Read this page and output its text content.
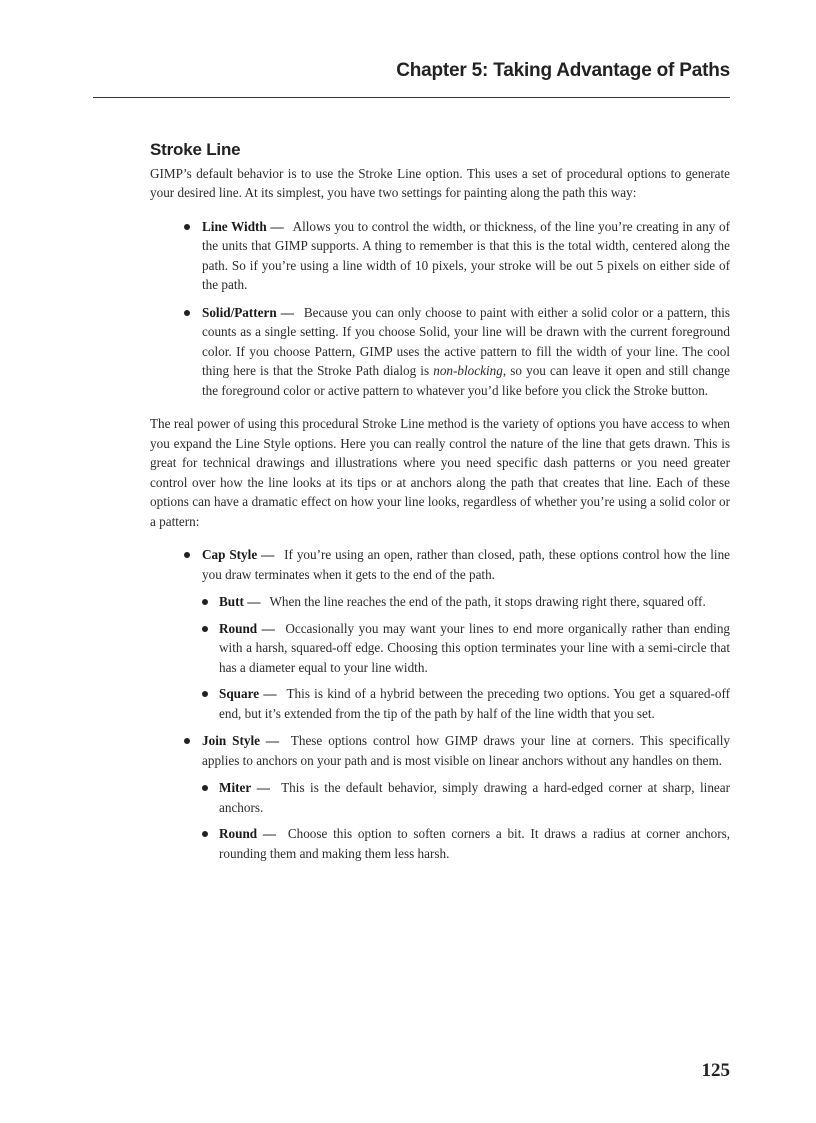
Chapter 5: Taking Advantage of Paths
Stroke Line

GIMP’s default behavior is to use the Stroke Line option. This uses a set of procedural options to generate your desired line. At its simplest, you have two settings for painting along the path this way:

Line Width — Allows you to control the width, or thickness, of the line you’re creating in any of the units that GIMP supports. A thing to remember is that this is the total width, centered along the path. So if you’re using a line width of 10 pixels, your stroke will be out 5 pixels on either side of the path.
Solid/Pattern — Because you can only choose to paint with either a solid color or a pattern, this counts as a single setting. If you choose Solid, your line will be drawn with the current foreground color. If you choose Pattern, GIMP uses the active pattern to fill the width of your line. The cool thing here is that the Stroke Path dialog is non-blocking, so you can leave it open and still change the foreground color or active pattern to whatever you’d like before you click the Stroke button.

The real power of using this procedural Stroke Line method is the variety of options you have access to when you expand the Line Style options. Here you can really control the nature of the line that gets drawn. This is great for technical drawings and illustrations where you need specific dash patterns or you need greater control over how the line looks at its tips or at anchors along the path that creates that line. Each of these options can have a dramatic effect on how your line looks, regardless of whether you’re using a solid color or a pattern:

Cap Style — If you’re using an open, rather than closed, path, these options control how the line you draw terminates when it gets to the end of the path.
Butt — When the line reaches the end of the path, it stops drawing right there, squared off.
Round — Occasionally you may want your lines to end more organically rather than ending with a harsh, squared-off edge. Choosing this option terminates your line with a semi-circle that has a diameter equal to your line width.
Square — This is kind of a hybrid between the preceding two options. You get a squared-off end, but it’s extended from the tip of the path by half of the line width that you set.
Join Style — These options control how GIMP draws your line at corners. This specifically applies to anchors on your path and is most visible on linear anchors without any handles on them.
Miter — This is the default behavior, simply drawing a hard-edged corner at sharp, linear anchors.
Round — Choose this option to soften corners a bit. It draws a radius at corner anchors, rounding them and making them less harsh.
125
